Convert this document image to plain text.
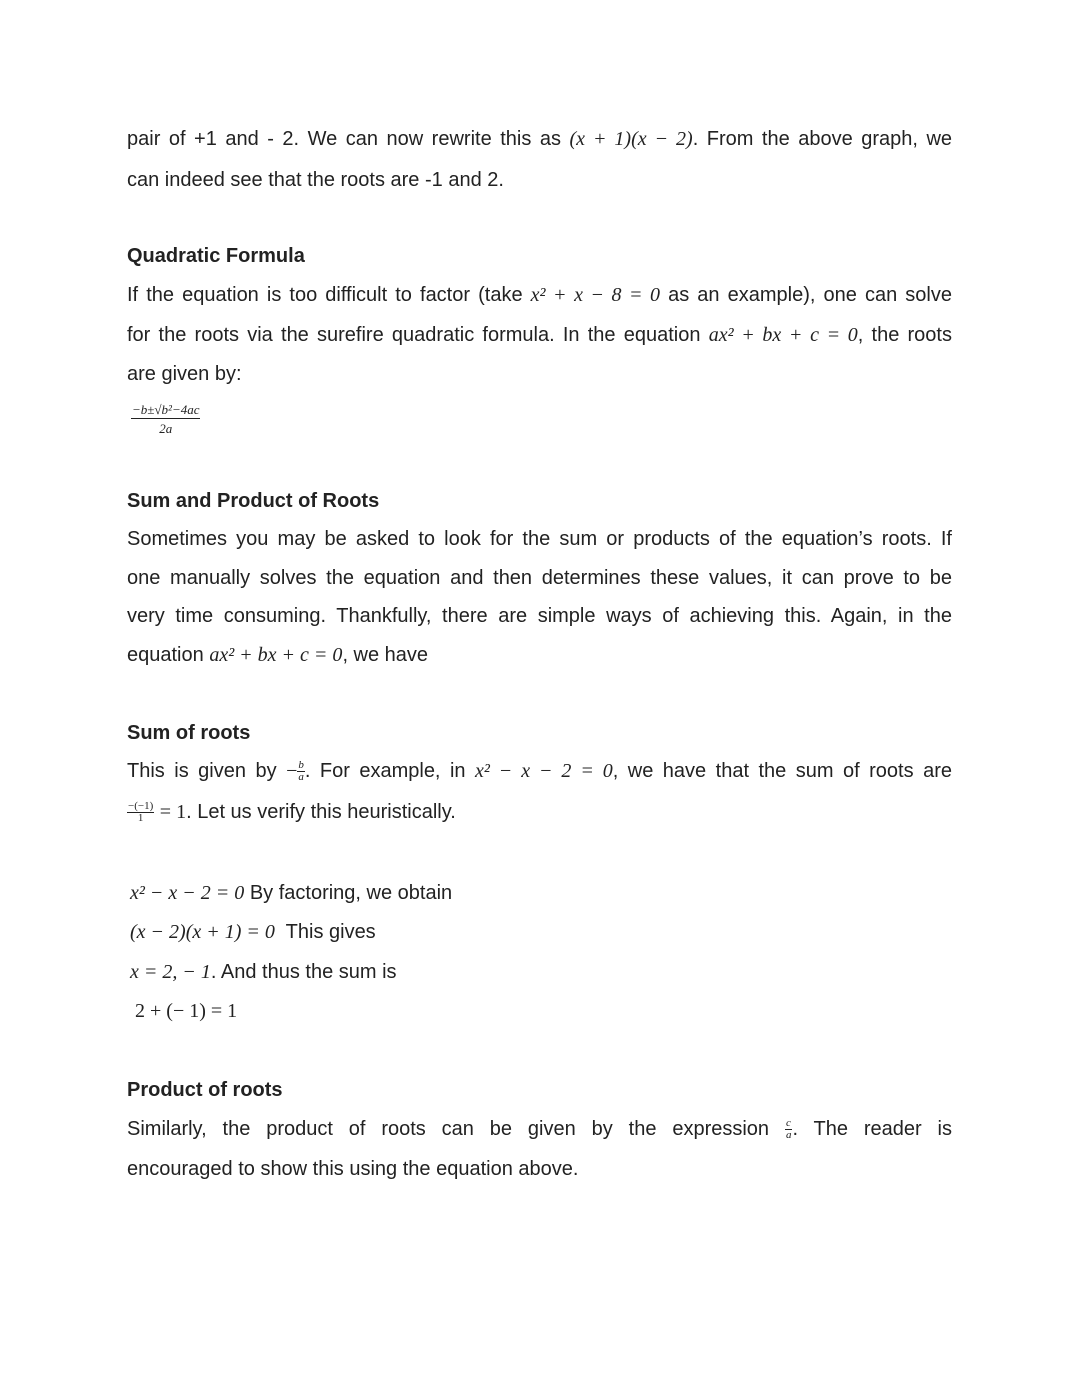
pair of +1 and - 2. We can now rewrite this as (x + 1)(x − 2). From the above graph, we
can indeed see that the roots are -1 and 2.
Quadratic Formula
If the equation is too difficult to factor (take x² + x − 8 = 0 as an example), one can solve
for the roots via the surefire quadratic formula. In the equation ax² + bx + c = 0, the roots
are given by:
$\frac{\text{−b±√b²−4ac}}{2a}$
Sum and Product of Roots
Sometimes you may be asked to look for the sum or products of the equation’s roots. If
one manually solves the equation and then determines these values, it can prove to be
very time consuming. Thankfully, there are simple ways of achieving this. Again, in the
equation ax² + bx + c = 0, we have
Sum of roots
This is given by − $\frac{b}{a}$ . For example, in x² − x − 2 = 0, we have that the sum of roots are
$\frac{-(-1)}{1} = 1$. Let us verify this heuristically.
x² − x − 2 = 0 By factoring, we obtain
(x − 2)(x + 1) = 0 This gives
x = 2, − 1. And thus the sum is
2 + (− 1) = 1
Product of roots
Similarly, the product of roots can be given by the expression $\frac{c}{a}$ . The reader is
encouraged to show this using the equation above.
